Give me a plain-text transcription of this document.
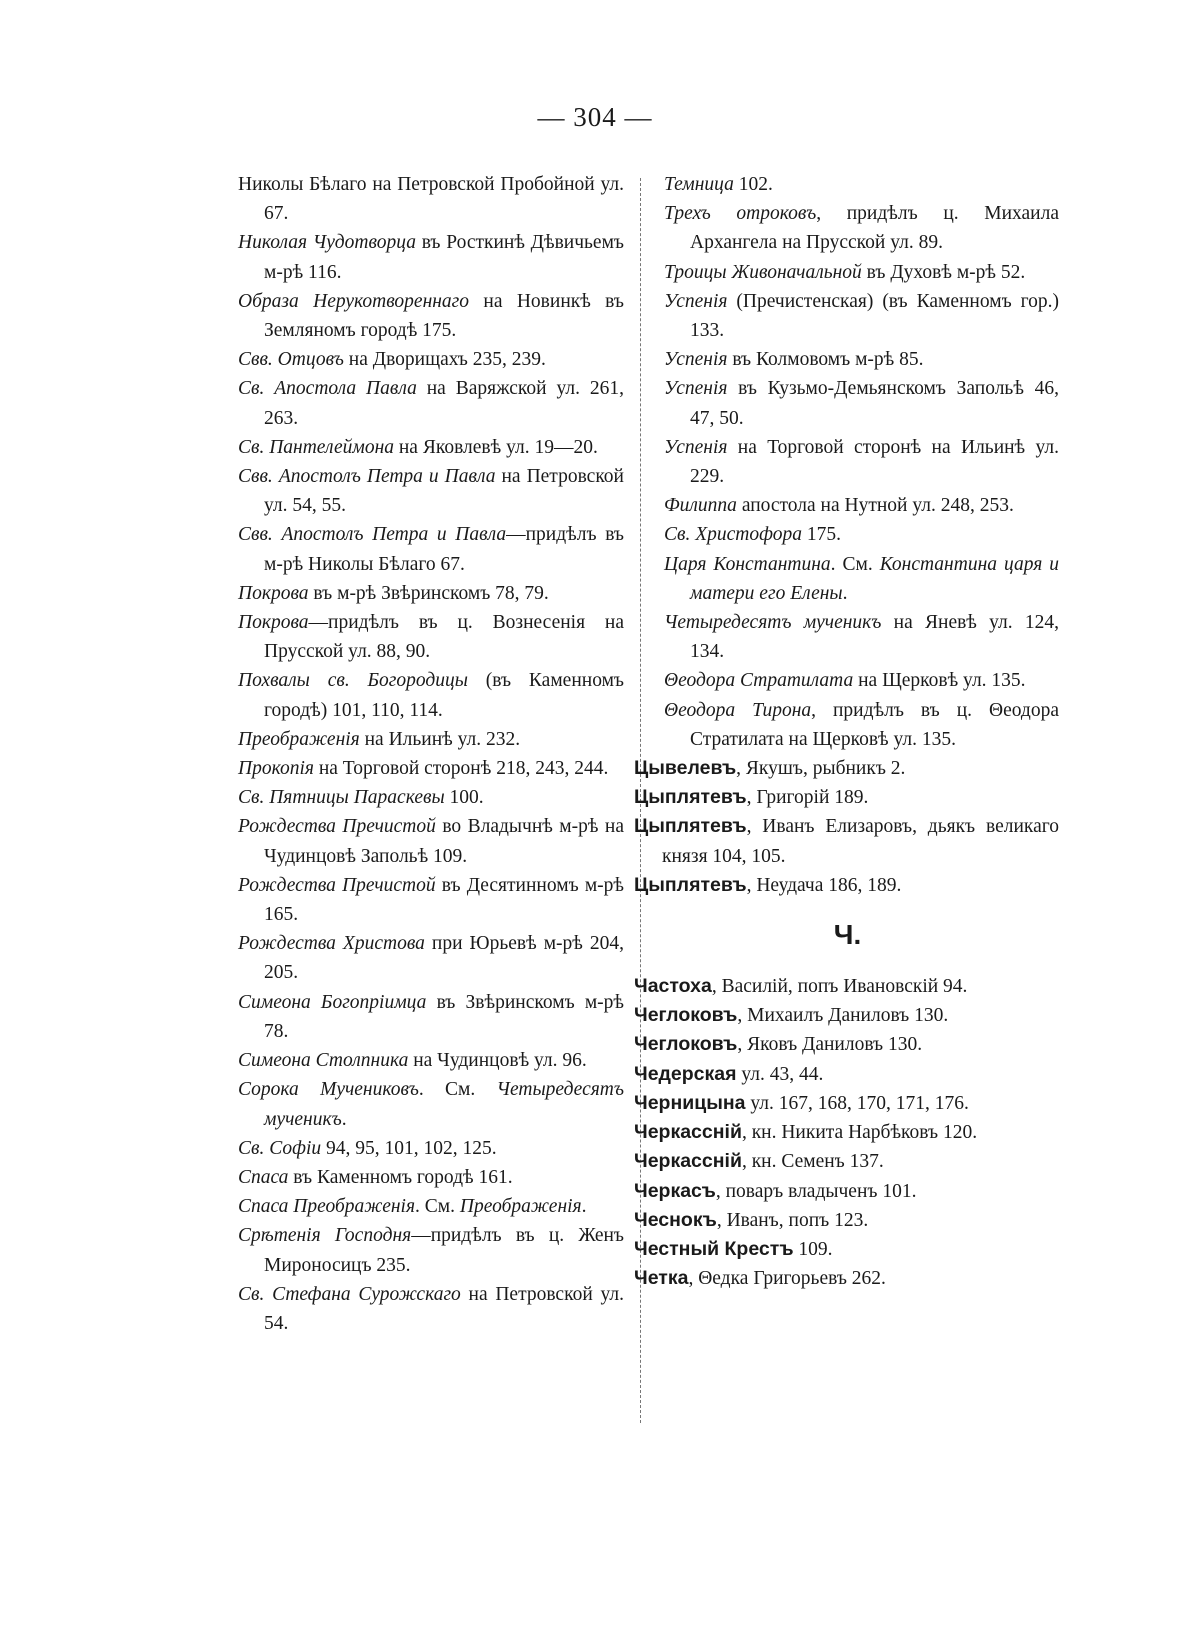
— 304 —

Николы Бѣлаго на Петровской Пробойной ул. 67.

Николая Чудотворца въ Росткинѣ Дѣвичьемъ м-рѣ 116.

Образа Нерукотвореннаго на Новинкѣ въ Земляномъ городѣ 175.

Свв. Отцовъ на Дворищахъ 235, 239.

Св. Апостола Павла на Варяжской ул. 261, 263.

Св. Пантелеймона на Яковлевѣ ул. 19—20.

Свв. Апостолъ Петра и Павла на Петровской ул. 54, 55.

Свв. Апостолъ Петра и Павла—придѣлъ въ м-рѣ Николы Бѣлаго 67.

Покрова въ м-рѣ Звѣринскомъ 78, 79.

Покрова—придѣлъ въ ц. Вознесенія на Прусской ул. 88, 90.

Похвалы св. Богородицы (въ Каменномъ городѣ) 101, 110, 114.

Преображенія на Ильинѣ ул. 232.

Прокопія на Торговой сторонѣ 218, 243, 244.

Св. Пятницы Параскевы 100.

Рождества Пречистой во Владычнѣ м-рѣ на Чудинцовѣ Запольѣ 109.

Рождества Пречистой въ Десятинномъ м-рѣ 165.

Рождества Христова при Юрьевѣ м-рѣ 204, 205.

Симеона Богопріимца въ Звѣринскомъ м-рѣ 78.

Симеона Столпника на Чудинцовѣ ул. 96.

Сорока Мучениковъ. См. Четыредесятъ мученикъ.

Св. Софіи 94, 95, 101, 102, 125.

Спаса въ Каменномъ городѣ 161.

Спаса Преображенія. См. Преображенія.

Срѣтенія Господня—придѣлъ въ ц. Женъ Мироносицъ 235.

Св. Стефана Сурожскаго на Петровской ул. 54.

Темница 102.

Трехъ отроковъ, придѣлъ ц. Михаила Архангела на Прусской ул. 89.

Троицы Живоначальной въ Духовѣ м-рѣ 52.

Успенія (Пречистенская) (въ Каменномъ гор.) 133.

Успенія въ Колмовомъ м-рѣ 85.

Успенія въ Кузьмо-Демьянскомъ Запольѣ 46, 47, 50.

Успенія на Торговой сторонѣ на Ильинѣ ул. 229.

Филиппа апостола на Нутной ул. 248, 253.

Св. Христофора 175.

Царя Константина. См. Константина царя и матери его Елены.

Четыредесятъ мученикъ на Яневѣ ул. 124, 134.

Θеодора Стратилата на Щерковѣ ул. 135.

Θеодора Тирона, придѣлъ въ ц. Θеодора Стратилата на Щерковѣ ул. 135.

Цывелевъ, Якушъ, рыбникъ 2.

Цыплятевъ, Григорій 189.

Цыплятевъ, Иванъ Елизаровъ, дьякъ великаго князя 104, 105.

Цыплятевъ, Неудача 186, 189.

Ч.

Частоха, Василій, попъ Ивановскій 94.

Чеглоковъ, Михаилъ Даниловъ 130.

Чеглоковъ, Яковъ Даниловъ 130.

Чедерская ул. 43, 44.

Черницына ул. 167, 168, 170, 171, 176.

Черкассній, кн. Никита Нарбѣковъ 120.

Черкассній, кн. Семенъ 137.

Черкасъ, поваръ владыченъ 101.

Чеснокъ, Иванъ, попъ 123.

Честный Крестъ 109.

Четка, Θедка Григорьевъ 262.
